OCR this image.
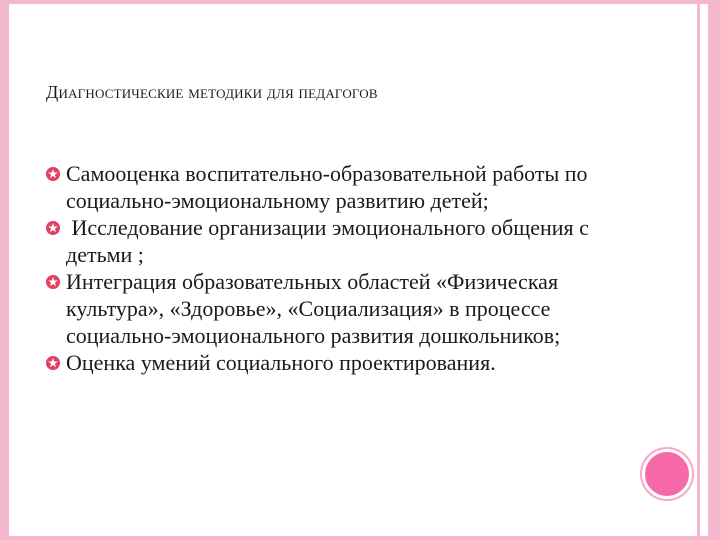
Диагностические методики для педагогов
Самооценка воспитательно-образовательной работы по социально-эмоциональному развитию детей;
Исследование организации эмоционального общения с детьми ;
Интеграция образовательных областей «Физическая культура», «Здоровье», «Социализация» в процессе социально-эмоционального развития дошкольников;
Оценка умений социального проектирования.
